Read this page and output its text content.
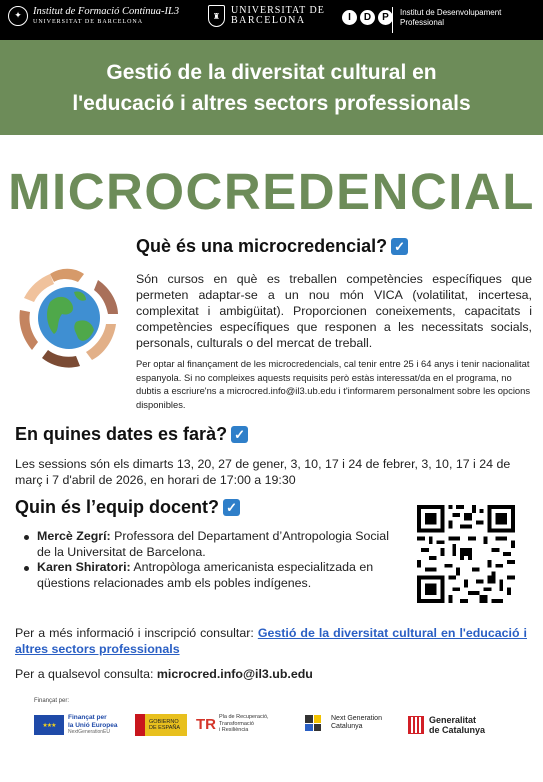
✦	Institut de Formació Contínua-IL3
UNIVERSITAT DE BARCELONA
♜
UNIVERSITAT DE
BARCELONA	I	D	P	Institut de Desenvolupament
Professional
Gestió de la diversitat cultural en
l'educació i altres sectors professionals
MICROCREDENCIAL
Què és una microcredencial? ✓
Són cursos en què es treballen competències específiques que permeten adaptar-se a un nou món VICA (volatilitat, incertesa, complexitat i ambigüitat). Proporcionen coneixements, capacitats i competències específiques que responen a les necessitats socials, personals, culturals o del mercat de treball.
Per optar al finançament de les microcredencials, cal tenir entre 25 i 64 anys i tenir nacionalitat espanyola. Si no compleixes aquests requisits però estàs interessat/da en el programa, no dubtis a escriure'ns a microcred.info@il3.ub.edu i t'informarem personalment sobre les opcions disponibles.
En quines dates es farà? ✓
Les sessions són els dimarts 13, 20, 27 de gener, 3, 10, 17 i 24 de febrer, 3, 10, 17 i 24 de març i 7 d'abril de 2026, en horari de 17:00 a 19:30
Quin és l’equip docent? ✓
Mercè Zegrí: Professora del Departament d’Antropologia Social de la Universitat de Barcelona.
Karen Shiratori: Antropòloga americanista especialitzada en qüestions relacionades amb els pobles indígenes.
Per a més informació i inscripció consultar: Gestió de la diversitat cultural en l'educació i altres sectors professionals
Per a qualsevol consulta: microcred.info@il3.ub.edu
Finançat per:
★★★
Finançat per
la Unió Europea
NextGenerationEU
GOBIERNO DE ESPAÑA	TR Pla de Recuperació,
Transformació
i Resiliència
Next Generation
Catalunya
Generalitat
de Catalunya
